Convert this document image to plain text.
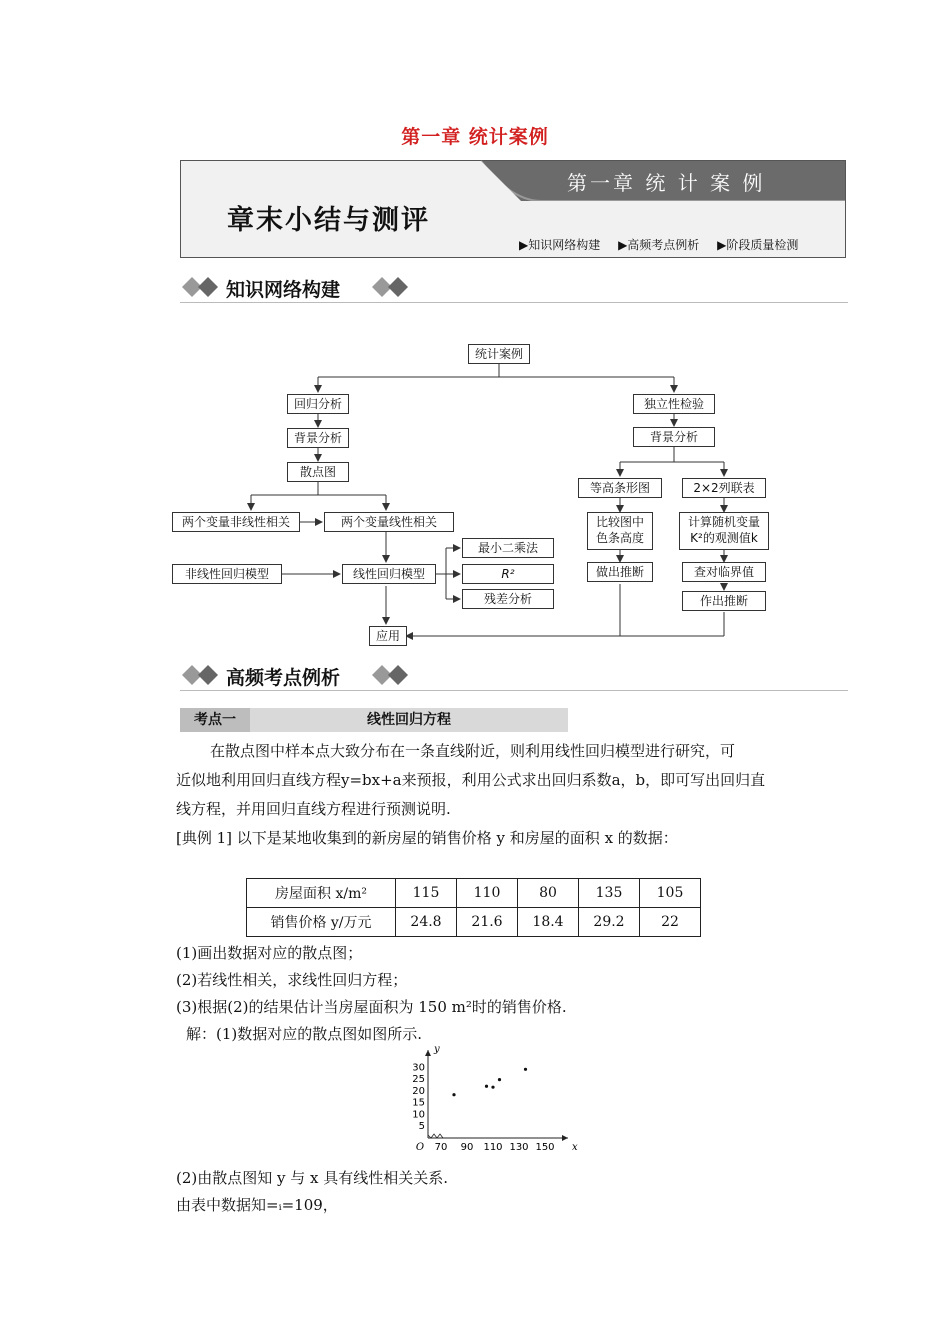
第一章 统计案例
第一章 统 计 案 例
章末小结与测评
▶知识网络构建 ▶高频考点例析 ▶阶段质量检测
知识网络构建
统计案例
回归分析
背景分析
散点图
两个变量非线性相关	两个变量线性相关
非线性回归模型	线性回归模型
最小二乘法
R²
残差分析
应用
独立性检验
背景分析
等高条形图	2×2列联表
比较图中
色条高度
计算随机变量
K²的观测值k
做出推断	查对临界值
作出推断
高频考点例析
考点一	线性回归方程
在散点图中样本点大致分布在一条直线附近，则利用线性回归模型进行研究，可
近似地利用回归直线方程y=bx+a来预报，利用公式求出回归系数a，b，即可写出回归直
线方程，并用回归直线方程进行预测说明.
[典例 1] 以下是某地收集到的新房屋的销售价格 y 和房屋的面积 x 的数据：
房屋面积 x/m²	115	110	80	135	105
销售价格 y/万元	24.8	21.6	18.4	29.2	22
(1)画出数据对应的散点图；
(2)若线性相关，求线性回归方程；
(3)根据(2)的结果估计当房屋面积为 150 m²时的销售价格.
解：(1)数据对应的散点图如图所示.
70 90 110 130 150
5
10
15
20
25
30
O	x
y
(2)由散点图知 y 与 x 具有线性相关关系.
由表中数据知=ᵢ=109，
